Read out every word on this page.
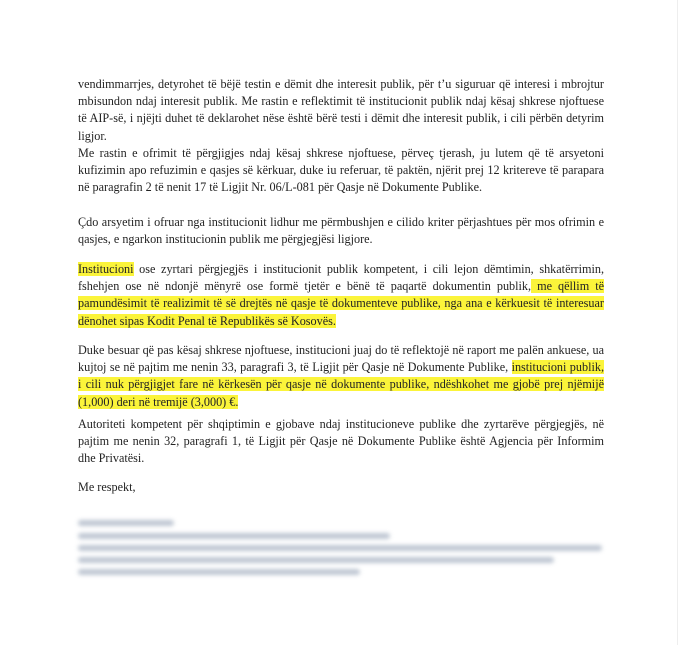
vendimmarrjes, detyrohet të bëjë testin e dëmit dhe interesit publik, për t’u siguruar që interesi i mbrojtur mbisundon ndaj interesit publik. Me rastin e reflektimit të institucionit publik ndaj kësaj shkrese njoftuese të AIP-së, i njëjti duhet të deklarohet nëse është bërë testi i dëmit dhe interesit publik, i cili përbën detyrim ligjor.

Me rastin e ofrimit të përgjigjes ndaj kësaj shkrese njoftuese, përveç tjerash, ju lutem që të arsyetoni kufizimin apo refuzimin e qasjes së kërkuar, duke iu referuar, të paktën, njërit prej 12 kritereve të parapara në paragrafin 2 të nenit 17 të Ligjit Nr. 06/L-081 për Qasje në Dokumente Publike.

Çdo arsyetim i ofruar nga institucionit lidhur me përmbushjen e cilido kriter përjashtues për mos ofrimin e qasjes, e ngarkon institucionin publik me përgjegjësi ligjore.

Institucioni ose zyrtari përgjegjës i institucionit publik kompetent, i cili lejon dëmtimin, shkatërrimin, fshehjen ose në ndonjë mënyrë ose formë tjetër e bënë të paqartë dokumentin publik, me qëllim të pamundësimit të realizimit të së drejtës në qasje të dokumenteve publike, nga ana e kërkuesit të interesuar dënohet sipas Kodit Penal të Republikës së Kosovës.

Duke besuar që pas kësaj shkrese njoftuese, institucioni juaj do të reflektojë në raport me palën ankuese, ua kujtoj se në pajtim me nenin 33, paragrafi 3, të Ligjit për Qasje në Dokumente Publike, institucioni publik, i cili nuk përgjigjet fare në kërkesën për qasje në dokumente publike, ndëshkohet me gjobë prej njëmijë (1,000) deri në tremijë (3,000) €.

Autoriteti kompetent për shqiptimin e gjobave ndaj institucioneve publike dhe zyrtarëve përgjegjës, në pajtim me nenin 32, paragrafi 1, të Ligjit për Qasje në Dokumente Publike është Agjencia për Informim dhe Privatësi.

Me respekt,
